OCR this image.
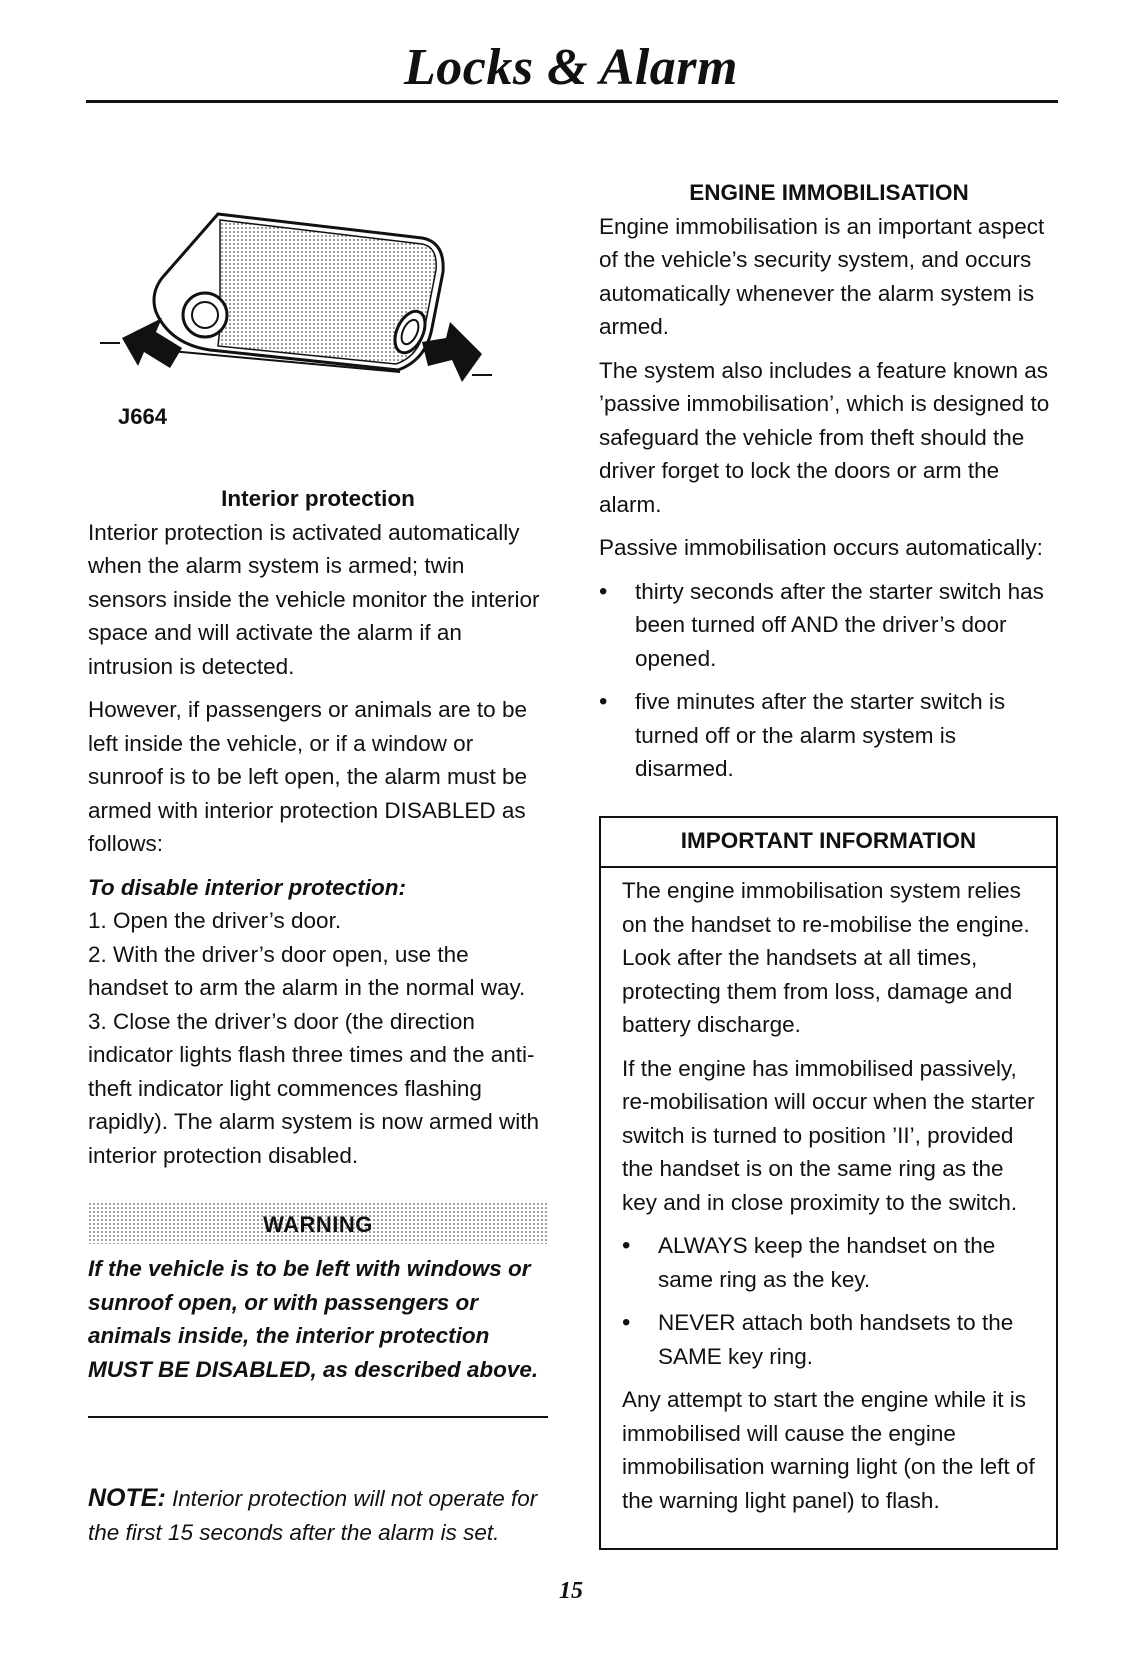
Locks & Alarm
J664
Interior protection

Interior protection is activated automatically when the alarm system is armed; twin sensors inside the vehicle monitor the interior space and will activate the alarm if an intrusion is detected.

However, if passengers or animals are to be left inside the vehicle, or if a window or sunroof is to be left open, the alarm must be armed with interior protection DISABLED as follows:

To disable interior protection:
1. Open the driver’s door.
2. With the driver’s door open, use the handset to arm the alarm in the normal way.
3. Close the driver’s door (the direction indicator lights flash three times and the anti-theft indicator light commences flashing rapidly). The alarm system is now armed with interior protection disabled.
WARNING
If the vehicle is to be left with windows or sunroof open, or with passengers or animals inside, the interior protection MUST BE DISABLED, as described above.
NOTE: Interior protection will not operate for the first 15 seconds after the alarm is set.
ENGINE IMMOBILISATION

Engine immobilisation is an important aspect of the vehicle’s security system, and occurs automatically whenever the alarm system is armed.

The system also includes a feature known as ’passive immobilisation’, which is designed to safeguard the vehicle from theft should the driver forget to lock the doors or arm the alarm.

Passive immobilisation occurs automatically:

• thirty seconds after the starter switch has been turned off AND the driver’s door opened.
• five minutes after the starter switch is turned off or the alarm system is disarmed.
IMPORTANT INFORMATION

The engine immobilisation system relies on the handset to re-mobilise the engine. Look after the handsets at all times, protecting them from loss, damage and battery discharge.

If the engine has immobilised passively, re-mobilisation will occur when the starter switch is turned to position ’II’, provided the handset is on the same ring as the key and in close proximity to the switch.

• ALWAYS keep the handset on the same ring as the key.
• NEVER attach both handsets to the SAME key ring.

Any attempt to start the engine while it is immobilised will cause the engine immobilisation warning light (on the left of the warning light panel) to flash.

15
